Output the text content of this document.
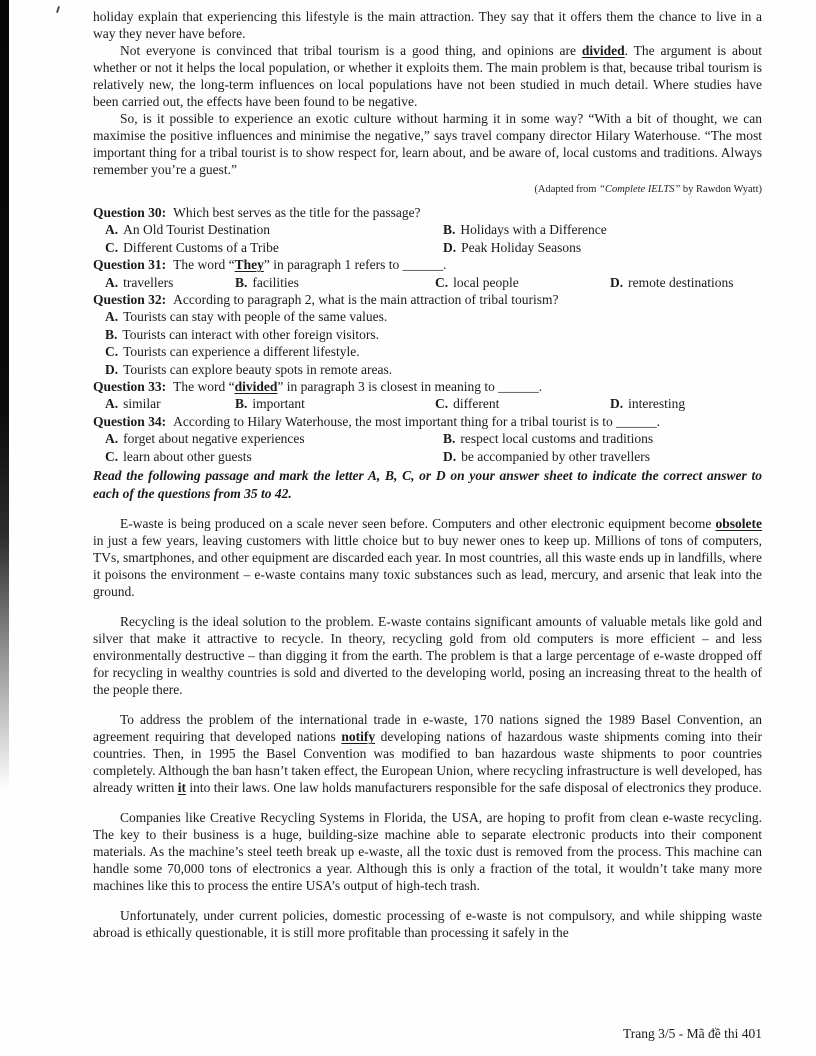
holiday explain that experiencing this lifestyle is the main attraction. They say that it offers them the chance to live in a way they never have before.

Not everyone is convinced that tribal tourism is a good thing, and opinions are divided. The argument is about whether or not it helps the local population, or whether it exploits them. The main problem is that, because tribal tourism is relatively new, the long-term influences on local populations have not been studied in much detail. Where studies have been carried out, the effects have been found to be negative.

So, is it possible to experience an exotic culture without harming it in some way? “With a bit of thought, we can maximise the positive influences and minimise the negative,” says travel company director Hilary Waterhouse. “The most important thing for a tribal tourist is to show respect for, learn about, and be aware of, local customs and traditions. Always remember you’re a guest.”

(Adapted from “Complete IELTS” by Rawdon Wyatt)
Question 30: Which best serves as the title for the passage?
A. An Old Tourist Destination	B. Holidays with a Difference
C. Different Customs of a Tribe	D. Peak Holiday Seasons
Question 31: The word “They” in paragraph 1 refers to ______.
A. travellers	B. facilities	C. local people	D. remote destinations
Question 32: According to paragraph 2, what is the main attraction of tribal tourism?
A. Tourists can stay with people of the same values.
B. Tourists can interact with other foreign visitors.
C. Tourists can experience a different lifestyle.
D. Tourists can explore beauty spots in remote areas.
Question 33: The word “divided” in paragraph 3 is closest in meaning to ______.
A. similar	B. important	C. different	D. interesting
Question 34: According to Hilary Waterhouse, the most important thing for a tribal tourist is to ______.
A. forget about negative experiences	B. respect local customs and traditions
C. learn about other guests	D. be accompanied by other travellers
Read the following passage and mark the letter A, B, C, or D on your answer sheet to indicate the correct answer to each of the questions from 35 to 42.

E-waste is being produced on a scale never seen before. Computers and other electronic equipment become obsolete in just a few years, leaving customers with little choice but to buy newer ones to keep up. Millions of tons of computers, TVs, smartphones, and other equipment are discarded each year. In most countries, all this waste ends up in landfills, where it poisons the environment – e-waste contains many toxic substances such as lead, mercury, and arsenic that leak into the ground.

Recycling is the ideal solution to the problem. E-waste contains significant amounts of valuable metals like gold and silver that make it attractive to recycle. In theory, recycling gold from old computers is more efficient – and less environmentally destructive – than digging it from the earth. The problem is that a large percentage of e-waste dropped off for recycling in wealthy countries is sold and diverted to the developing world, posing an increasing threat to the health of the people there.

To address the problem of the international trade in e-waste, 170 nations signed the 1989 Basel Convention, an agreement requiring that developed nations notify developing nations of hazardous waste shipments coming into their countries. Then, in 1995 the Basel Convention was modified to ban hazardous waste shipments to poor countries completely. Although the ban hasn’t taken effect, the European Union, where recycling infrastructure is well developed, has already written it into their laws. One law holds manufacturers responsible for the safe disposal of electronics they produce.

Companies like Creative Recycling Systems in Florida, the USA, are hoping to profit from clean e-waste recycling. The key to their business is a huge, building-size machine able to separate electronic products into their component materials. As the machine’s steel teeth break up e-waste, all the toxic dust is removed from the process. This machine can handle some 70,000 tons of electronics a year. Although this is only a fraction of the total, it wouldn’t take many more machines like this to process the entire USA’s output of high-tech trash.

Unfortunately, under current policies, domestic processing of e-waste is not compulsory, and while shipping waste abroad is ethically questionable, it is still more profitable than processing it safely in the

Trang 3/5 - Mã đề thi 401
